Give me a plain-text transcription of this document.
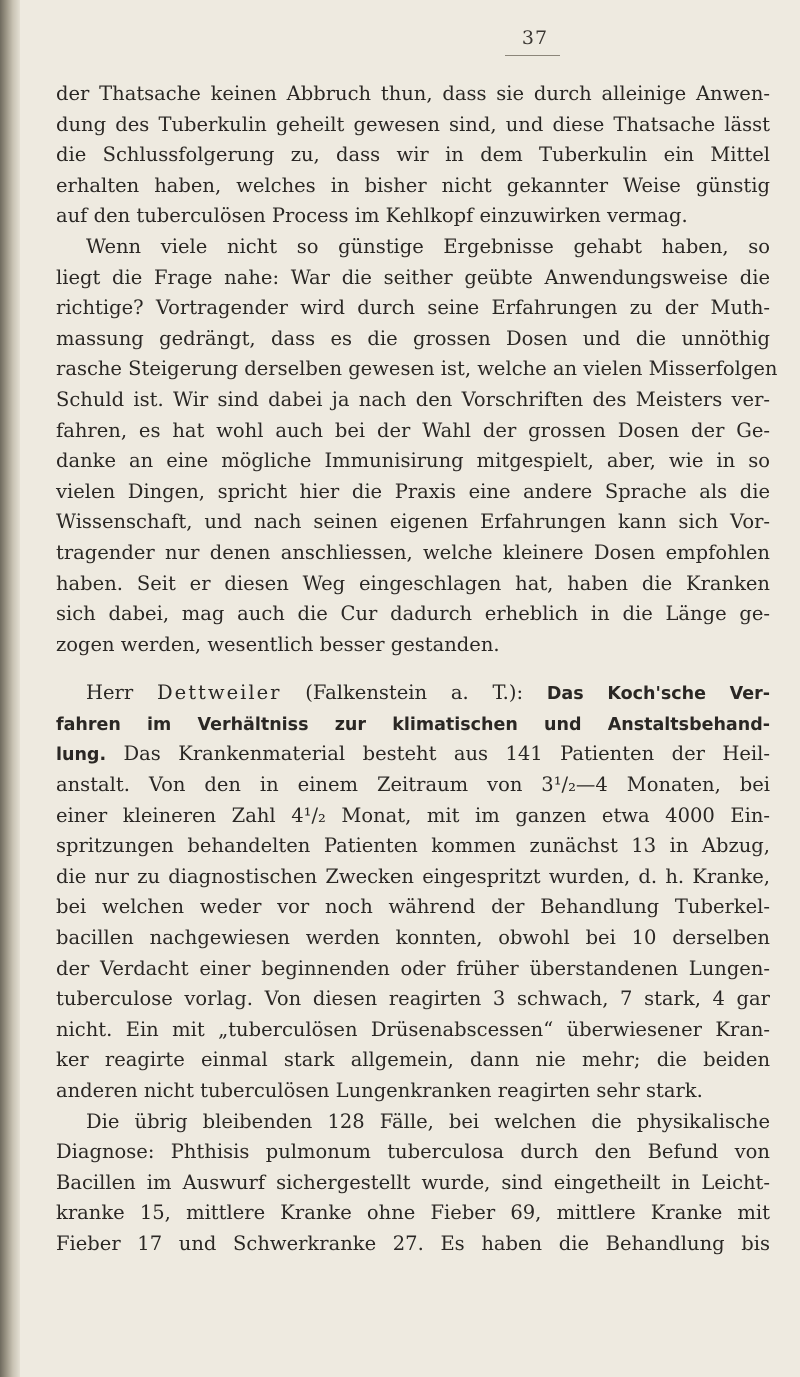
37
der Thatsache keinen Abbruch thun, dass sie durch alleinige Anwen-
dung des Tuberkulin geheilt gewesen sind, und diese Thatsache lässt
die Schlussfolgerung zu, dass wir in dem Tuberkulin ein Mittel
erhalten haben, welches in bisher nicht gekannter Weise günstig
auf den tuberculösen Process im Kehlkopf einzuwirken vermag.
Wenn viele nicht so günstige Ergebnisse gehabt haben, so
liegt die Frage nahe: War die seither geübte Anwendungsweise die
richtige? Vortragender wird durch seine Erfahrungen zu der Muth-
massung gedrängt, dass es die grossen Dosen und die unnöthig
rasche Steigerung derselben gewesen ist, welche an vielen Misserfolgen
Schuld ist. Wir sind dabei ja nach den Vorschriften des Meisters ver-
fahren, es hat wohl auch bei der Wahl der grossen Dosen der Ge-
danke an eine mögliche Immunisirung mitgespielt, aber, wie in so
vielen Dingen, spricht hier die Praxis eine andere Sprache als die
Wissenschaft, und nach seinen eigenen Erfahrungen kann sich Vor-
tragender nur denen anschliessen, welche kleinere Dosen empfohlen
haben. Seit er diesen Weg eingeschlagen hat, haben die Kranken
sich dabei, mag auch die Cur dadurch erheblich in die Länge ge-
zogen werden, wesentlich besser gestanden.
Herr Dettweiler (Falkenstein a. T.): Das Koch'sche Ver-
fahren im Verhältniss zur klimatischen und Anstaltsbehand-
lung. Das Krankenmaterial besteht aus 141 Patienten der Heil-
anstalt. Von den in einem Zeitraum von 3¹/₂—4 Monaten, bei
einer kleineren Zahl 4¹/₂ Monat, mit im ganzen etwa 4000 Ein-
spritzungen behandelten Patienten kommen zunächst 13 in Abzug,
die nur zu diagnostischen Zwecken eingespritzt wurden, d. h. Kranke,
bei welchen weder vor noch während der Behandlung Tuberkel-
bacillen nachgewiesen werden konnten, obwohl bei 10 derselben
der Verdacht einer beginnenden oder früher überstandenen Lungen-
tuberculose vorlag. Von diesen reagirten 3 schwach, 7 stark, 4 gar
nicht. Ein mit „tuberculösen Drüsenabscessen“ überwiesener Kran-
ker reagirte einmal stark allgemein, dann nie mehr; die beiden
anderen nicht tuberculösen Lungenkranken reagirten sehr stark.
Die übrig bleibenden 128 Fälle, bei welchen die physikalische
Diagnose: Phthisis pulmonum tuberculosa durch den Befund von
Bacillen im Auswurf sichergestellt wurde, sind eingetheilt in Leicht-
kranke 15, mittlere Kranke ohne Fieber 69, mittlere Kranke mit
Fieber 17 und Schwerkranke 27. Es haben die Behandlung bis
